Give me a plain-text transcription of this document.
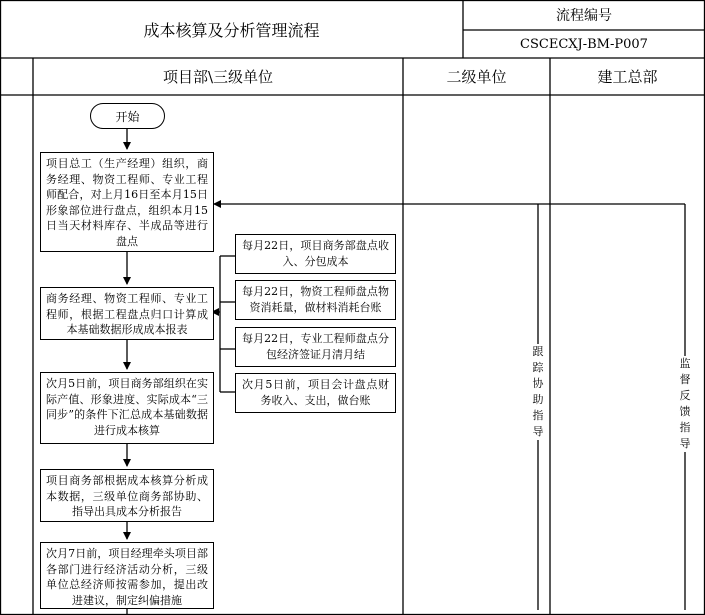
成本核算及分析管理流程
流程编号
CSCECXJ-BM-P007
项目部\三级单位	二级单位	建工总部
开始
项目总工（生产经理）组织，商务经理、物资工程师、专业工程师配合，对上月16日至本月15日形象部位进行盘点，组织本月15日当天材料库存、半成品等进行盘点
商务经理、物资工程师、专业工程师，根据工程盘点归口计算成本基础数据形成成本报表
次月5日前，项目商务部组织在实际产值、形象进度、实际成本“三同步”的条件下汇总成本基础数据进行成本核算
项目商务部根据成本核算分析成本数据，三级单位商务部协助、指导出具成本分析报告
次月7日前，项目经理牵头项目部各部门进行经济活动分析，三级单位总经济师按需参加，提出改进建议，制定纠偏措施
每月22日，项目商务部盘点收入、分包成本
每月22日，物资工程师盘点物资消耗量，做材料消耗台账
每月22日，专业工程师盘点分包经济签证月清月结
次月5日前，项目会计盘点财务收入、支出，做台账
跟踪协助指导
监督反馈指导
